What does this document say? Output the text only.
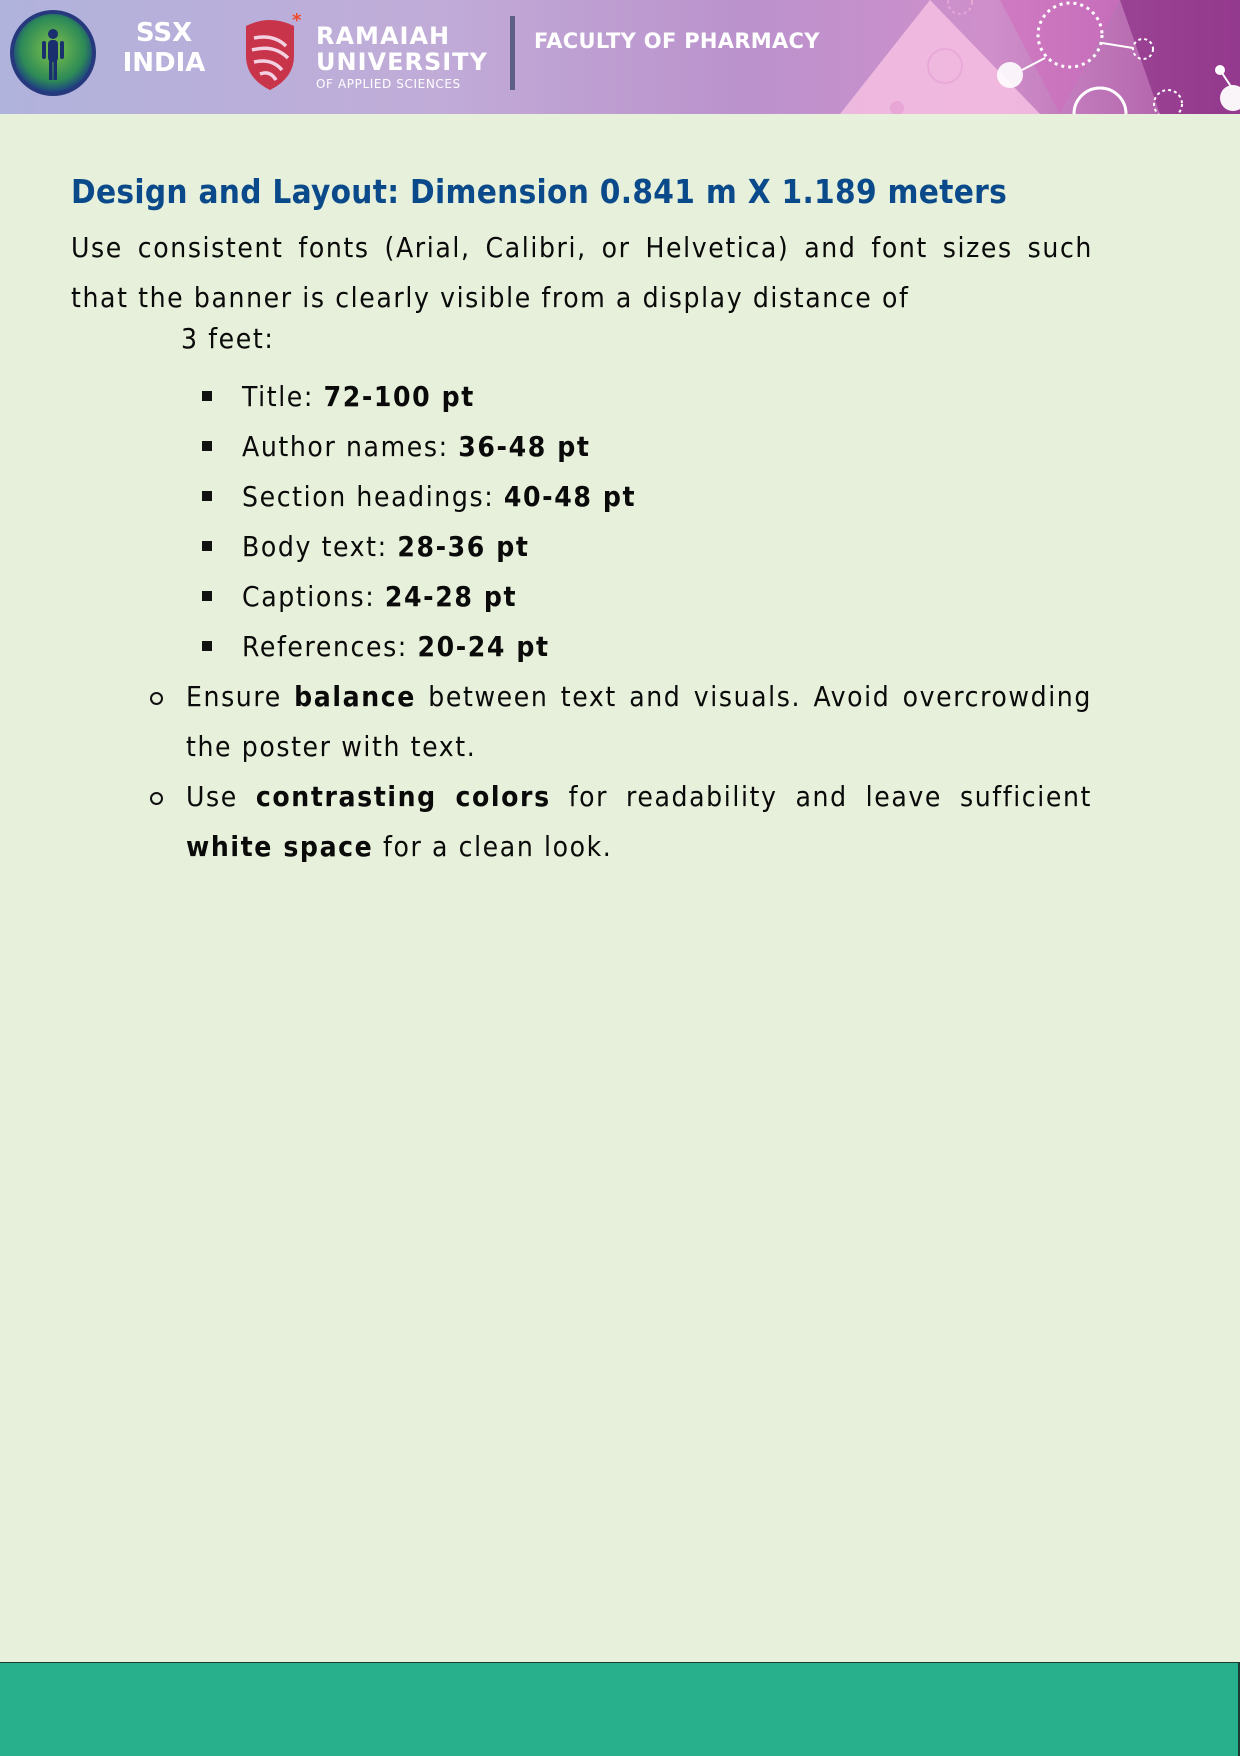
SSX
INDIA
*
RAMAIAH
UNIVERSITY
OF APPLIED SCIENCES
FACULTY OF PHARMACY
Design and Layout: Dimension 0.841 m X 1.189 meters

Use consistent fonts (Arial, Calibri, or Helvetica) and font sizes such that the banner is clearly visible from a display distance of

3 feet:

Title: 72-100 pt
Author names: 36-48 pt
Section headings: 40-48 pt
Body text: 28-36 pt
Captions: 24-28 pt
References: 20-24 pt
Ensure balance between text and visuals. Avoid overcrowding the poster with text.
Use contrasting colors for readability and leave sufficient white space for a clean look.
